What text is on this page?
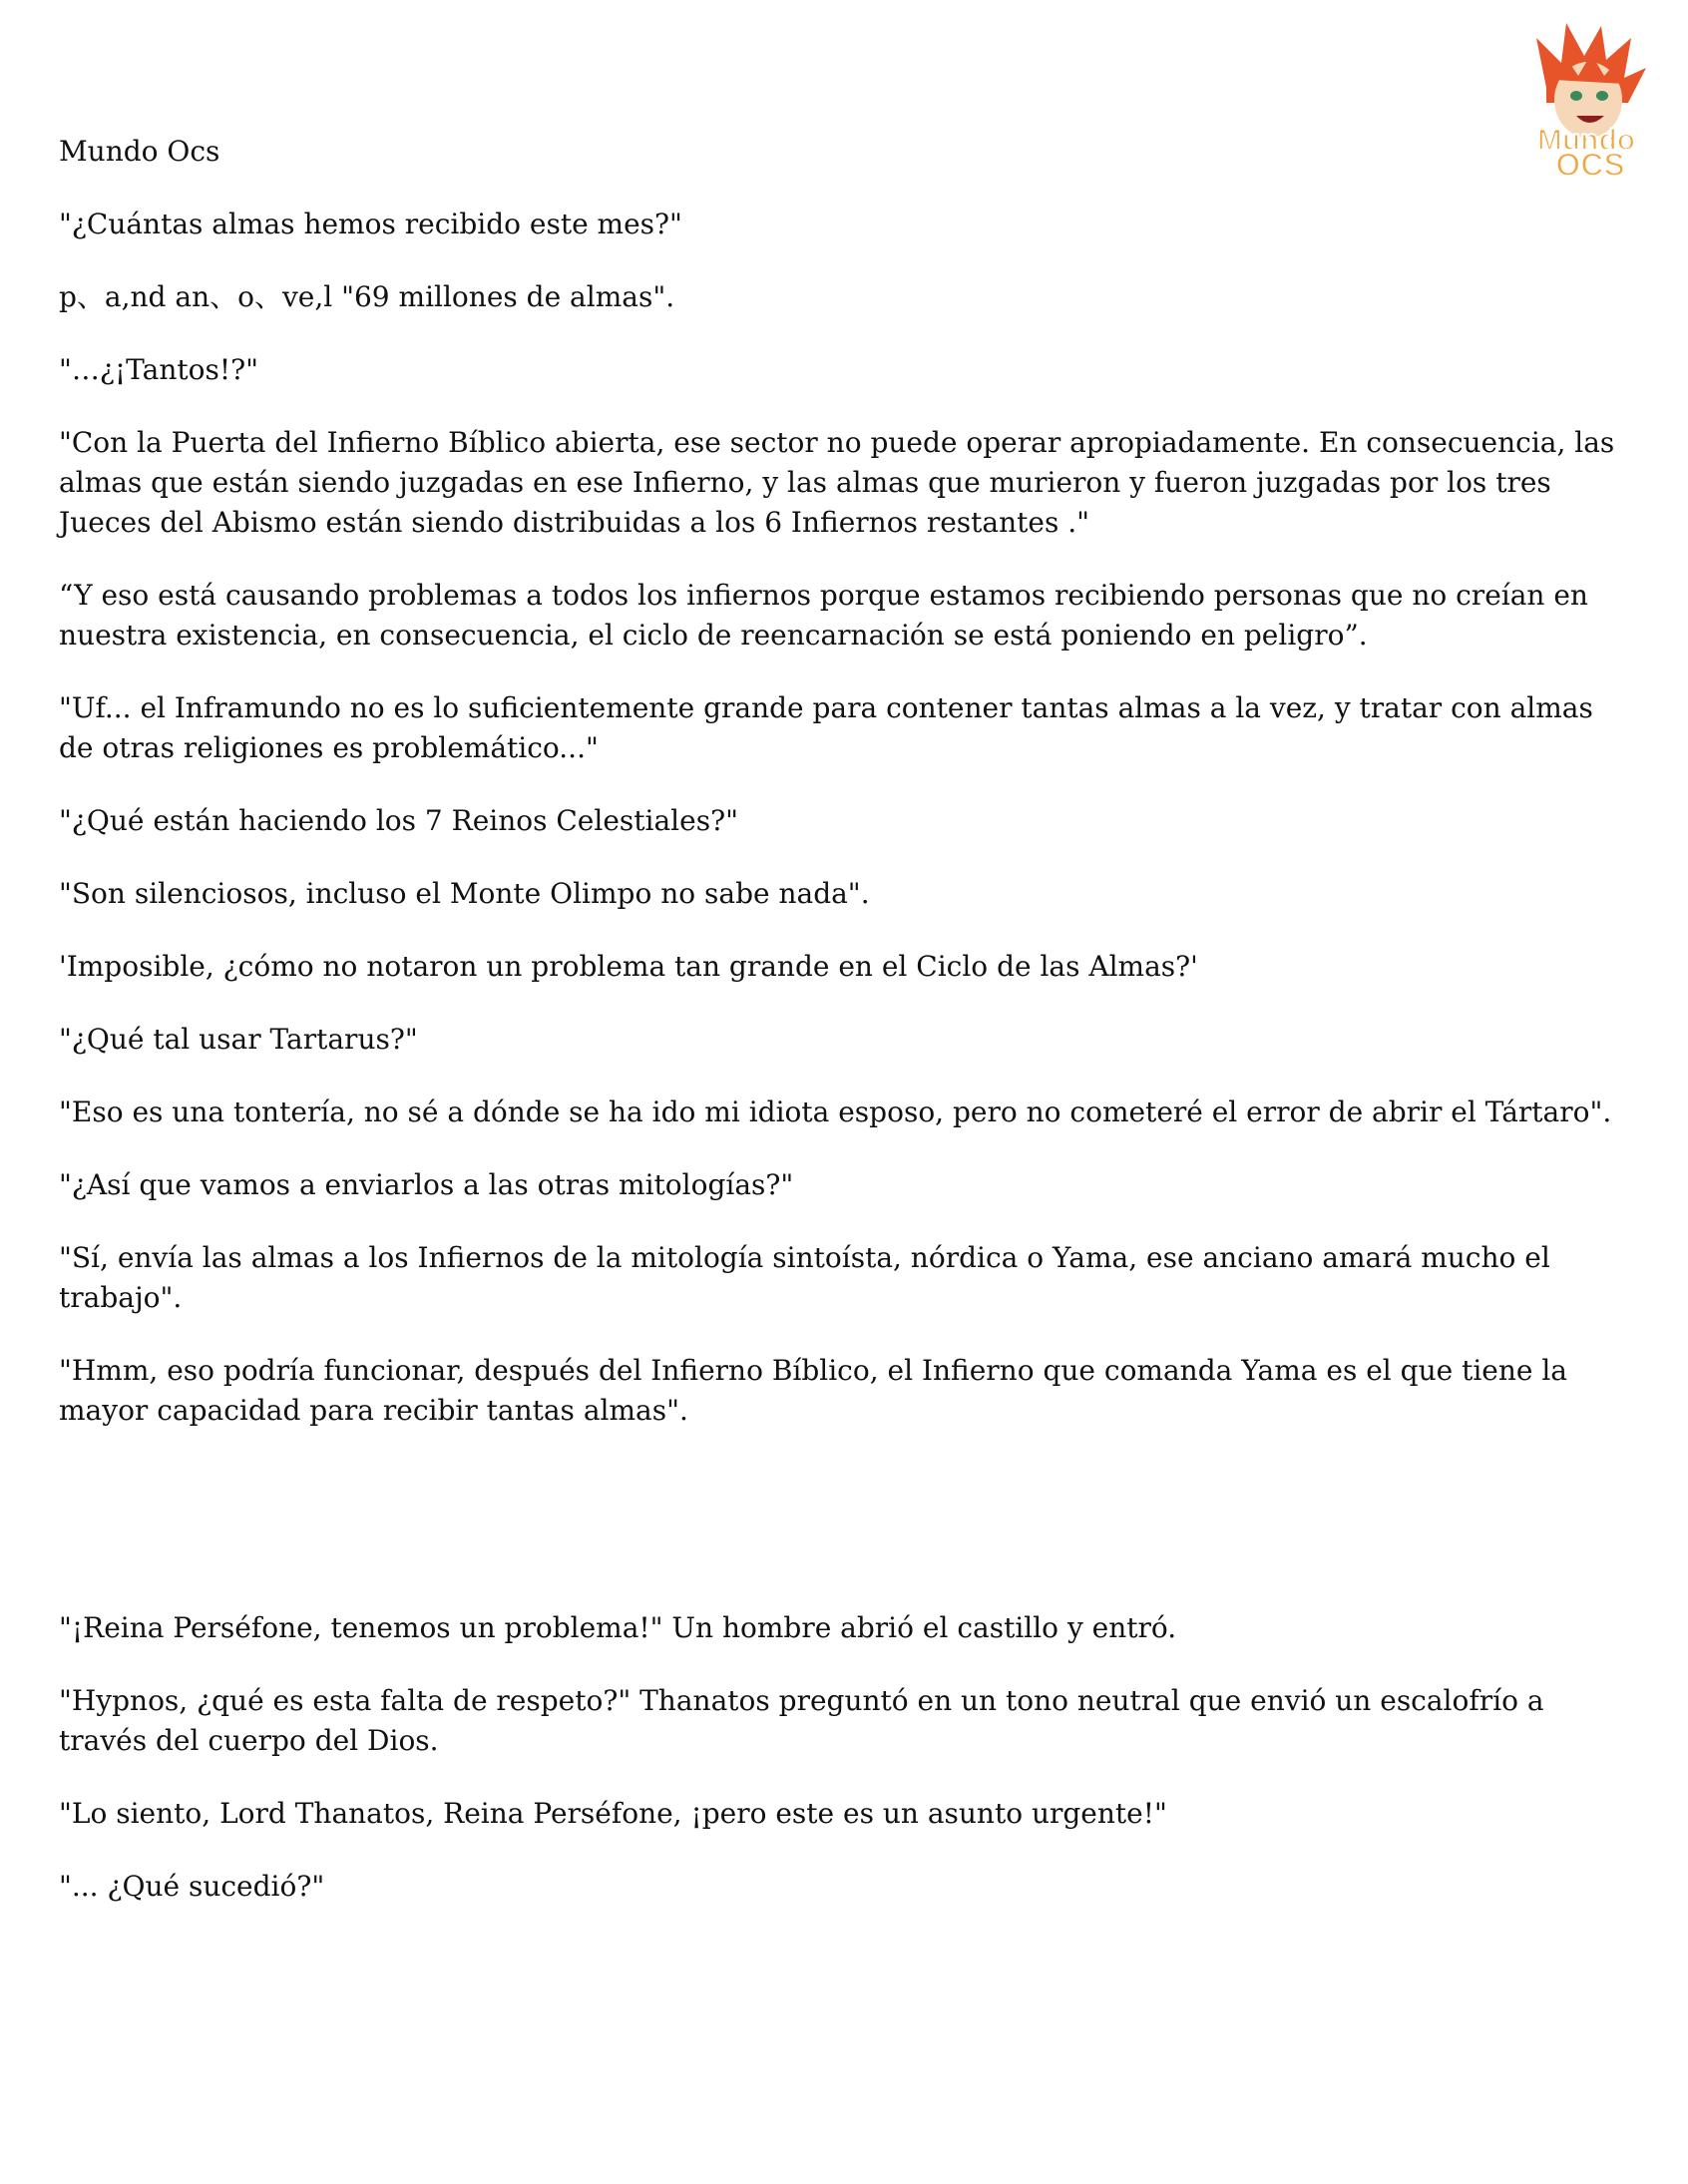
Mundo
OCS

Mundo Ocs

"¿Cuántas almas hemos recibido este mes?"

p、a,nd an、o、ve,l "69 millones de almas".

"…¿¡Tantos!?"

"Con la Puerta del Infierno Bíblico abierta, ese sector no puede operar apropiadamente. En consecuencia, las almas que están siendo juzgadas en ese Infierno, y las almas que murieron y fueron juzgadas por los tres Jueces del Abismo están siendo distribuidas a los 6 Infiernos restantes ."

“Y eso está causando problemas a todos los infiernos porque estamos recibiendo personas que no creían en nuestra existencia, en consecuencia, el ciclo de reencarnación se está poniendo en peligro”.

"Uf... el Inframundo no es lo suficientemente grande para contener tantas almas a la vez, y tratar con almas de otras religiones es problemático..."

"¿Qué están haciendo los 7 Reinos Celestiales?"

"Son silenciosos, incluso el Monte Olimpo no sabe nada".

'Imposible, ¿cómo no notaron un problema tan grande en el Ciclo de las Almas?'

"¿Qué tal usar Tartarus?"

"Eso es una tontería, no sé a dónde se ha ido mi idiota esposo, pero no cometeré el error de abrir el Tártaro".

"¿Así que vamos a enviarlos a las otras mitologías?"

"Sí, envía las almas a los Infiernos de la mitología sintoísta, nórdica o Yama, ese anciano amará mucho el trabajo".

"Hmm, eso podría funcionar, después del Infierno Bíblico, el Infierno que comanda Yama es el que tiene la mayor capacidad para recibir tantas almas".

"¡Reina Perséfone, tenemos un problema!" Un hombre abrió el castillo y entró.

"Hypnos, ¿qué es esta falta de respeto?" Thanatos preguntó en un tono neutral que envió un escalofrío a través del cuerpo del Dios.

"Lo siento, Lord Thanatos, Reina Perséfone, ¡pero este es un asunto urgente!"

"... ¿Qué sucedió?"
